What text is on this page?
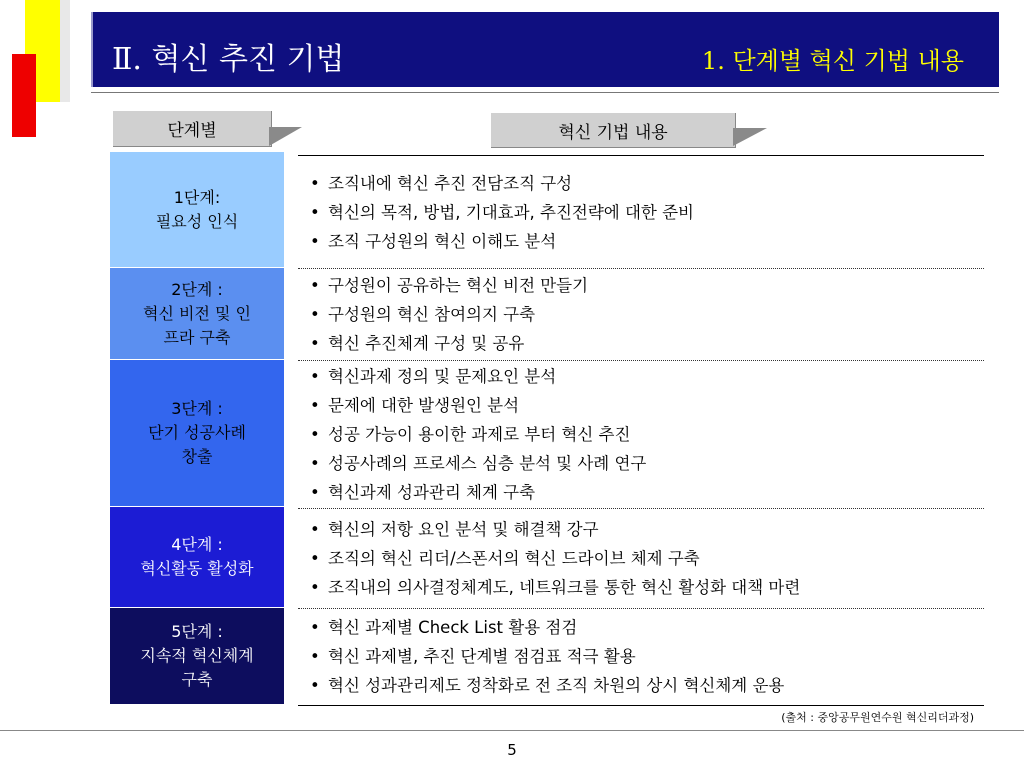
Ⅱ. 혁신 추진 기법	1. 단계별 혁신 기법 내용
단계별	혁신 기법 내용
1단계:
필요성 인식
2단계 :
혁신 비전 및 인
프라 구축
3단계 :
단기 성공사례
창출
4단계 :
혁신활동 활성화
5단계 :
지속적 혁신체계
구축
• 조직내에 혁신 추진 전담조직 구성
• 혁신의 목적, 방법, 기대효과, 추진전략에 대한 준비
• 조직 구성원의 혁신 이해도 분석
• 구성원이 공유하는 혁신 비전 만들기
• 구성원의 혁신 참여의지 구축
• 혁신 추진체계 구성 및 공유
• 혁신과제 정의 및 문제요인 분석
• 문제에 대한 발생원인 분석
• 성공 가능이 용이한 과제로 부터 혁신 추진
• 성공사례의 프로세스 심층 분석 및 사례 연구
• 혁신과제 성과관리 체계 구축
• 혁신의 저항 요인 분석 및 해결책 강구
• 조직의 혁신 리더/스폰서의 혁신 드라이브 체제 구축
• 조직내의 의사결정체계도, 네트워크를 통한 혁신 활성화 대책 마련
• 혁신 과제별 Check List 활용 점검
• 혁신 과제별, 추진 단계별 점검표 적극 활용
• 혁신 성과관리제도 정착화로 전 조직 차원의 상시 혁신체계 운용
(출처 : 중앙공무원연수원 혁신리더과정)
5
